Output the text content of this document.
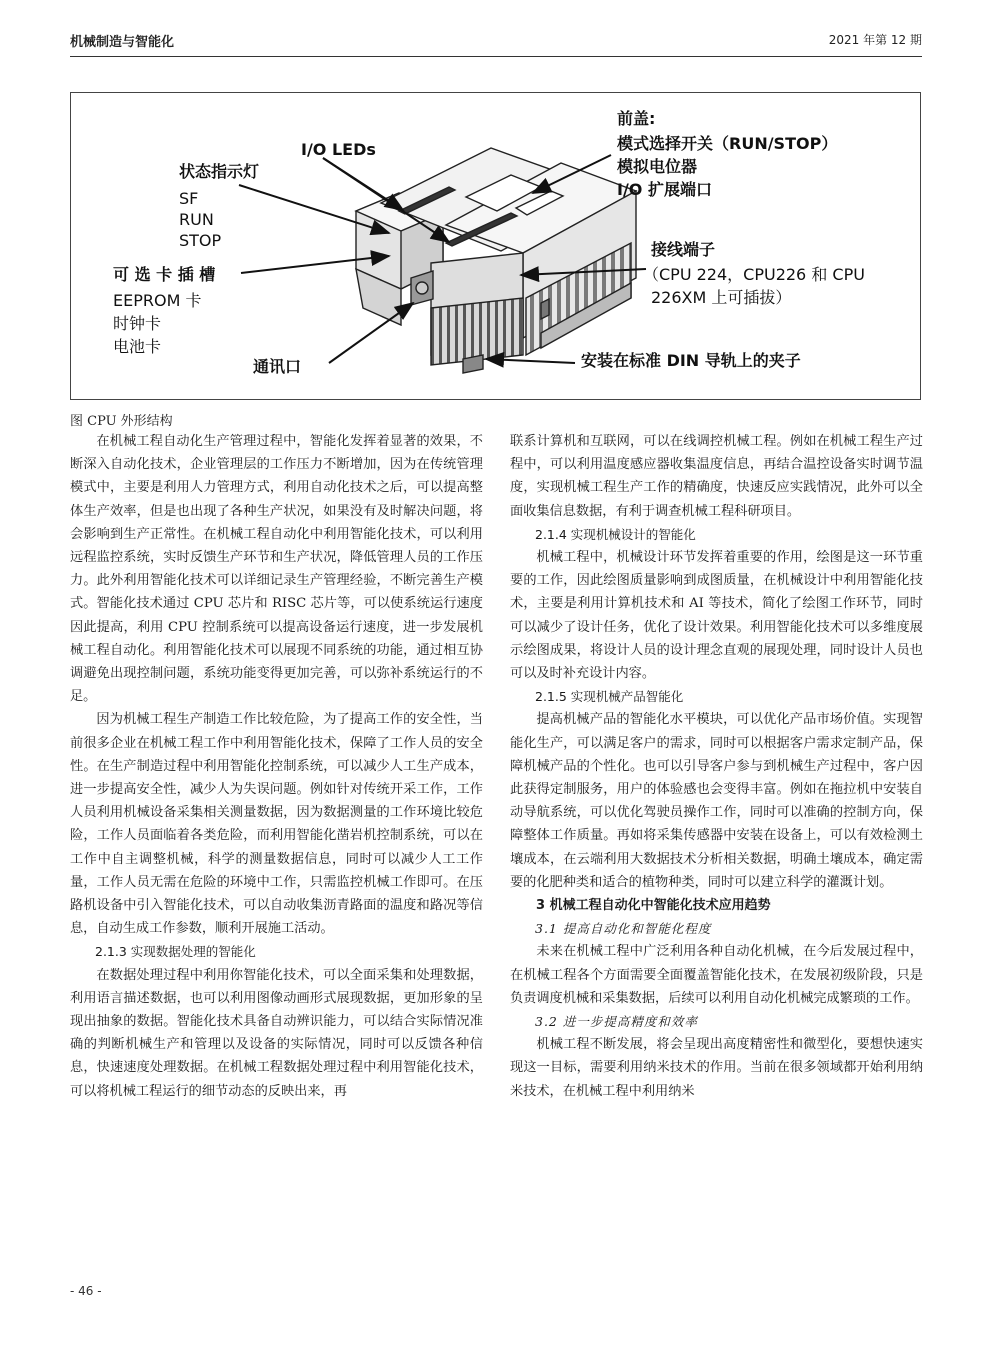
机械制造与智能化	2021 年第 12 期
I/O LEDs
状态指示灯
SF
RUN
STOP
可 选 卡 插 槽
EEPROM 卡
时钟卡
电池卡
通讯口
前盖:
模式选择开关（RUN/STOP）
模拟电位器
I/O 扩展端口
接线端子
（CPU 224，CPU226 和 CPU
226XM 上可插拔）
安装在标准 DIN 导轨上的夹子
图 CPU 外形结构

在机械工程自动化生产管理过程中，智能化发挥着显著的效果，不断深入自动化技术，企业管理层的工作压力不断增加，因为在传统管理模式中，主要是利用人力管理方式，利用自动化技术之后，可以提高整体生产效率，但是也出现了各种生产状况，如果没有及时解决问题，将会影响到生产正常性。在机械工程自动化中利用智能化技术，可以利用远程监控系统，实时反馈生产环节和生产状况，降低管理人员的工作压力。此外利用智能化技术可以详细记录生产管理经验，不断完善生产模式。智能化技术通过 CPU 芯片和 RISC 芯片等，可以使系统运行速度因此提高，利用 CPU 控制系统可以提高设备运行速度，进一步发展机械工程自动化。利用智能化技术可以展现不同系统的功能，通过相互协调避免出现控制问题，系统功能变得更加完善，可以弥补系统运行的不足。

因为机械工程生产制造工作比较危险，为了提高工作的安全性，当前很多企业在机械工程工作中利用智能化技术，保障了工作人员的安全性。在生产制造过程中利用智能化控制系统，可以减少人工生产成本，进一步提高安全性，减少人为失误问题。例如针对传统开采工作，工作人员利用机械设备采集相关测量数据，因为数据测量的工作环境比较危险，工作人员面临着各类危险，而利用智能化凿岩机控制系统，可以在工作中自主调整机械，科学的测量数据信息，同时可以减少人工工作量，工作人员无需在危险的环境中工作，只需监控机械工作即可。在压路机设备中引入智能化技术，可以自动收集沥青路面的温度和路况等信息，自动生成工作参数，顺利开展施工活动。

2.1.3 实现数据处理的智能化

在数据处理过程中利用你智能化技术，可以全面采集和处理数据，利用语言描述数据，也可以利用图像动画形式展现数据，更加形象的呈现出抽象的数据。智能化技术具备自动辨识能力，可以结合实际情况准确的判断机械生产和管理以及设备的实际情况，同时可以反馈各种信息，快速速度处理数据。在机械工程数据处理过程中利用智能化技术，可以将机械工程运行的细节动态的反映出来，再

联系计算机和互联网，可以在线调控机械工程。例如在机械工程生产过程中，可以利用温度感应器收集温度信息，再结合温控设备实时调节温度，实现机械工程生产工作的精确度，快速反应实践情况，此外可以全面收集信息数据，有利于调查机械工程科研项目。

2.1.4 实现机械设计的智能化

机械工程中，机械设计环节发挥着重要的作用，绘图是这一环节重要的工作，因此绘图质量影响到成图质量，在机械设计中利用智能化技术，主要是利用计算机技术和 AI 等技术，简化了绘图工作环节，同时可以减少了设计任务，优化了设计效果。利用智能化技术可以多维度展示绘图成果，将设计人员的设计理念直观的展现处理，同时设计人员也可以及时补充设计内容。

2.1.5 实现机械产品智能化

提高机械产品的智能化水平模块，可以优化产品市场价值。实现智能化生产，可以满足客户的需求，同时可以根据客户需求定制产品，保障机械产品的个性化。也可以引导客户参与到机械生产过程中，客户因此获得定制服务，用户的体验感也会变得丰富。例如在拖拉机中安装自动导航系统，可以优化驾驶员操作工作，同时可以准确的控制方向，保障整体工作质量。再如将采集传感器中安装在设备上，可以有效检测土壤成本，在云端利用大数据技术分析相关数据，明确土壤成本，确定需要的化肥种类和适合的植物种类，同时可以建立科学的灌溉计划。

3 机械工程自动化中智能化技术应用趋势
3.1 提高自动化和智能化程度

未来在机械工程中广泛利用各种自动化机械，在今后发展过程中，在机械工程各个方面需要全面覆盖智能化技术，在发展初级阶段，只是负责调度机械和采集数据，后续可以利用自动化机械完成繁琐的工作。

3.2 进一步提高精度和效率

机械工程不断发展，将会呈现出高度精密性和微型化，要想快速实现这一目标，需要利用纳米技术的作用。当前在很多领域都开始利用纳米技术，在机械工程中利用纳米

- 46 -
